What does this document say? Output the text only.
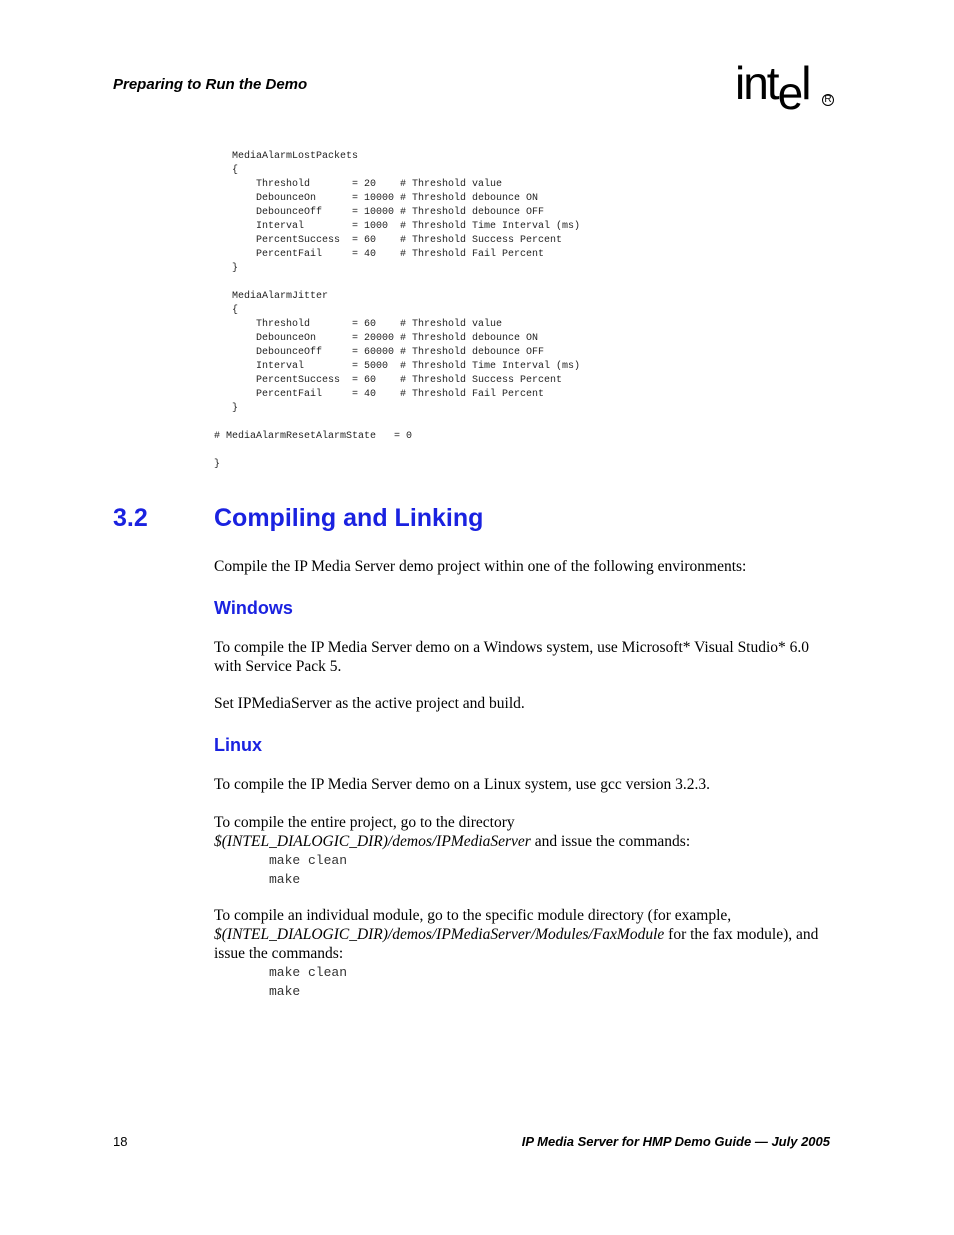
Preparing to Run the Demo	intel R
MediaAlarmLostPackets
{
Threshold       = 20    # Threshold value
DebounceOn      = 10000 # Threshold debounce ON
DebounceOff     = 10000 # Threshold debounce OFF
Interval        = 1000  # Threshold Time Interval (ms)
PercentSuccess  = 60    # Threshold Success Percent
PercentFail     = 40    # Threshold Fail Percent
}

MediaAlarmJitter
{
Threshold       = 60    # Threshold value
DebounceOn      = 20000 # Threshold debounce ON
DebounceOff     = 60000 # Threshold debounce OFF
Interval        = 5000  # Threshold Time Interval (ms)
PercentSuccess  = 60    # Threshold Success Percent
PercentFail     = 40    # Threshold Fail Percent
}

# MediaAlarmResetAlarmState   = 0

}
3.2	Compiling and Linking

Compile the IP Media Server demo project within one of the following environments:

Windows

To compile the IP Media Server demo on a Windows system, use Microsoft* Visual Studio* 6.0 with Service Pack 5.

Set IPMediaServer as the active project and build.

Linux

To compile the IP Media Server demo on a Linux system, use gcc version 3.2.3.

To compile the entire project, go to the directory
$(INTEL_DIALOGIC_DIR)/demos/IPMediaServer and issue the commands:

make clean
make

To compile an individual module, go to the specific module directory (for example,
$(INTEL_DIALOGIC_DIR)/demos/IPMediaServer/Modules/FaxModule for the fax module), and issue the commands:

make clean
make
18	IP Media Server for HMP Demo Guide — July 2005
